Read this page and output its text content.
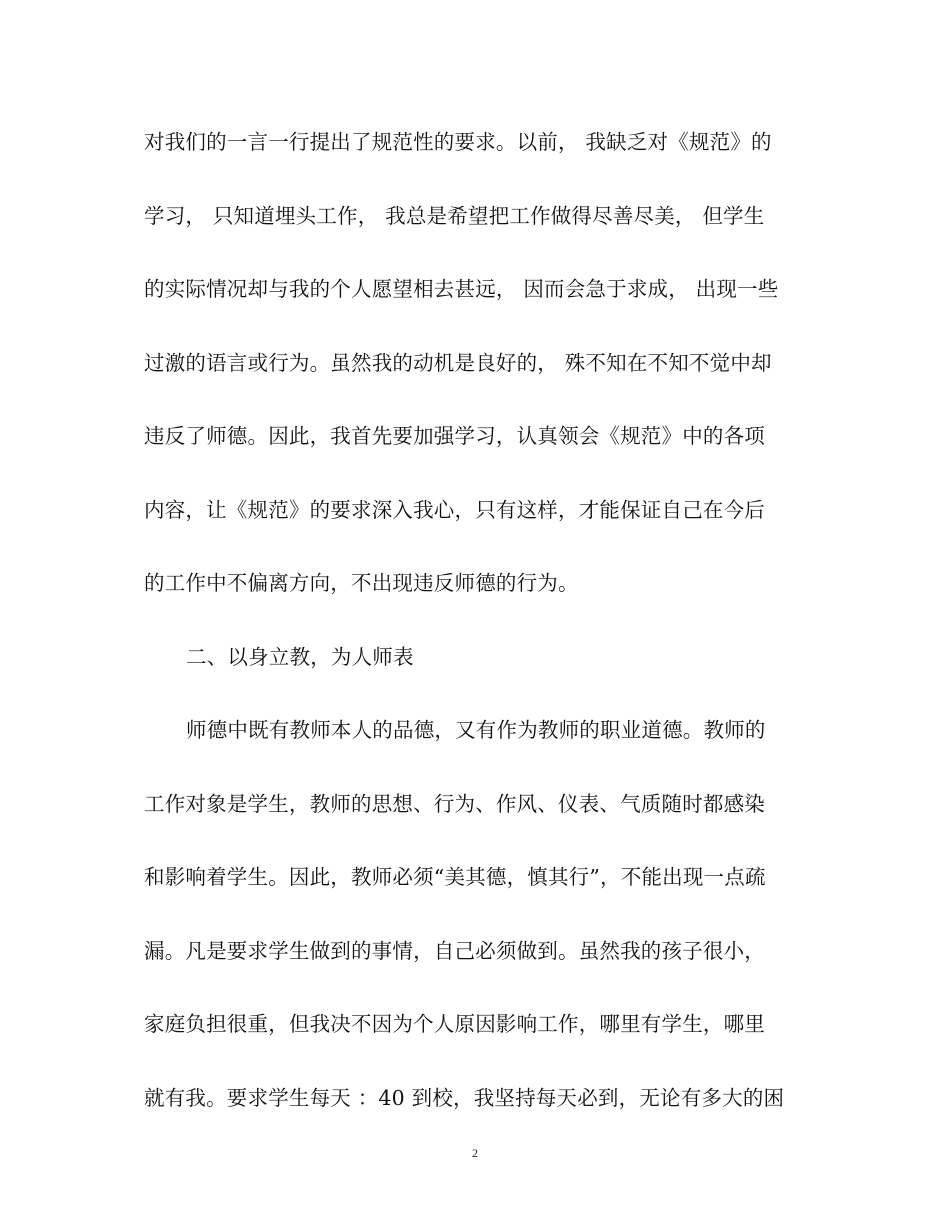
对我们的一言一行提出了规范性的要求。以前， 我缺乏对《规范》的
学习， 只知道埋头工作， 我总是希望把工作做得尽善尽美， 但学生
的实际情况却与我的个人愿望相去甚远， 因而会急于求成， 出现一些
过激的语言或行为。虽然我的动机是良好的， 殊不知在不知不觉中却
违反了师德。因此，我首先要加强学习，认真领会《规范》中的各项
内容，让《规范》的要求深入我心，只有这样，才能保证自己在今后
的工作中不偏离方向，不出现违反师德的行为。
二、以身立教，为人师表
师德中既有教师本人的品德，又有作为教师的职业道德。教师的
工作对象是学生，教师的思想、行为、作风、仪表、气质随时都感染
和影响着学生。因此，教师必须“美其德，慎其行”，不能出现一点疏
漏。凡是要求学生做到的事情，自己必须做到。虽然我的孩子很小，
家庭负担很重，但我决不因为个人原因影响工作，哪里有学生，哪里
就有我。要求学生每天 ：40 到校，我坚持每天必到，无论有多大的困
2
